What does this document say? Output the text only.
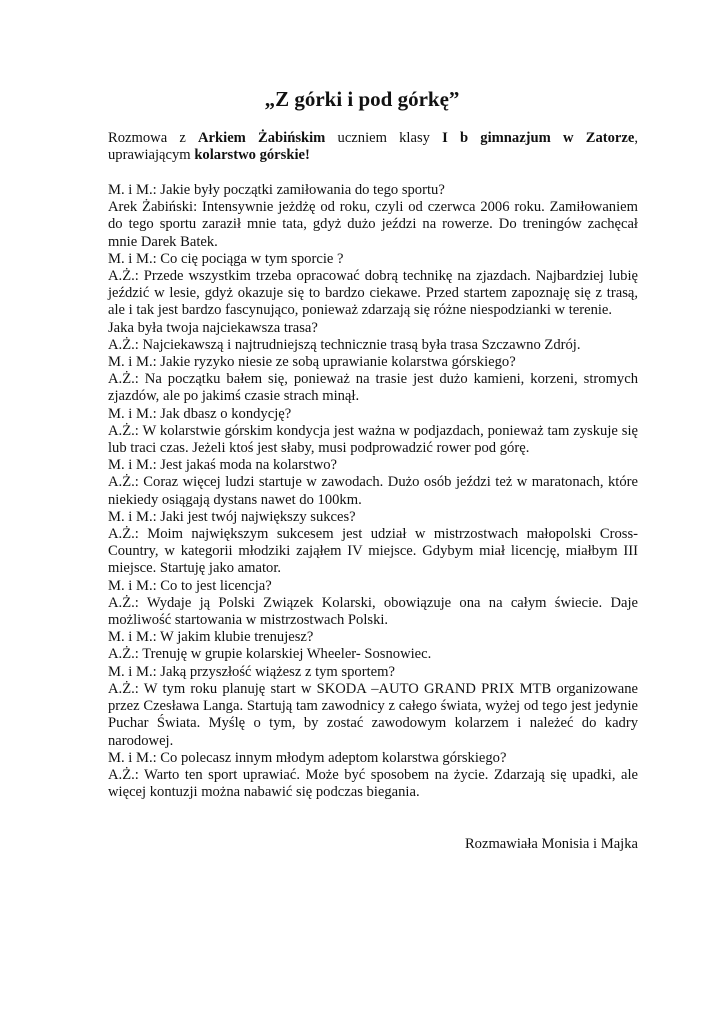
„Z górki i pod górkę”
Rozmowa z Arkiem Żabińskim uczniem klasy I b gimnazjum w Zatorze, uprawiającym kolarstwo górskie!

M. i M.: Jakie były początki zamiłowania do tego sportu?

Arek Żabiński: Intensywnie jeżdżę od roku, czyli od czerwca 2006 roku. Zamiłowaniem do tego sportu zaraził mnie tata, gdyż dużo jeździ na rowerze. Do treningów zachęcał mnie Darek Batek.

M. i M.: Co cię pociąga w tym sporcie ?

A.Ż.: Przede wszystkim trzeba opracować dobrą technikę na zjazdach. Najbardziej lubię jeździć w lesie, gdyż okazuje się to bardzo ciekawe. Przed startem zapoznaję się z trasą, ale i tak jest bardzo fascynująco, ponieważ zdarzają się różne niespodzianki w terenie.

Jaka była twoja najciekawsza trasa?

A.Ż.: Najciekawszą i najtrudniejszą technicznie trasą była trasa Szczawno Zdrój.

M. i M.: Jakie ryzyko niesie ze sobą uprawianie kolarstwa górskiego?

A.Ż.: Na początku bałem się, ponieważ na trasie jest dużo kamieni, korzeni, stromych zjazdów, ale po jakimś czasie strach minął.

M. i M.: Jak dbasz o kondycję?

A.Ż.: W kolarstwie górskim kondycja jest ważna w podjazdach, ponieważ tam zyskuje się lub traci czas. Jeżeli ktoś jest słaby, musi podprowadzić rower pod górę.

M. i M.: Jest jakaś moda na kolarstwo?

A.Ż.: Coraz więcej ludzi startuje w zawodach. Dużo osób jeździ też w maratonach, które niekiedy osiągają dystans nawet do 100km.

M. i M.: Jaki jest twój największy sukces?

A.Ż.: Moim największym sukcesem jest udział w mistrzostwach małopolski Cross-Country, w kategorii młodziki zająłem IV miejsce. Gdybym miał licencję, miałbym III miejsce. Startuję jako amator.

M. i M.: Co to jest licencja?

A.Ż.: Wydaje ją Polski Związek Kolarski, obowiązuje ona na całym świecie. Daje możliwość startowania w mistrzostwach Polski.

M. i M.: W jakim klubie trenujesz?

A.Ż.: Trenuję w grupie kolarskiej Wheeler- Sosnowiec.

M. i M.: Jaką przyszłość wiążesz z tym sportem?

A.Ż.: W tym roku planuję start w SKODA –AUTO GRAND PRIX MTB organizowane przez Czesława Langa. Startują tam zawodnicy z całego świata, wyżej od tego jest jedynie Puchar Świata. Myślę o tym, by zostać zawodowym kolarzem i należeć do kadry narodowej.

M. i M.: Co polecasz innym młodym adeptom kolarstwa górskiego?

A.Ż.: Warto ten sport uprawiać. Może być sposobem na życie. Zdarzają się upadki, ale więcej kontuzji można nabawić się podczas biegania.

Rozmawiała Monisia i Majka
